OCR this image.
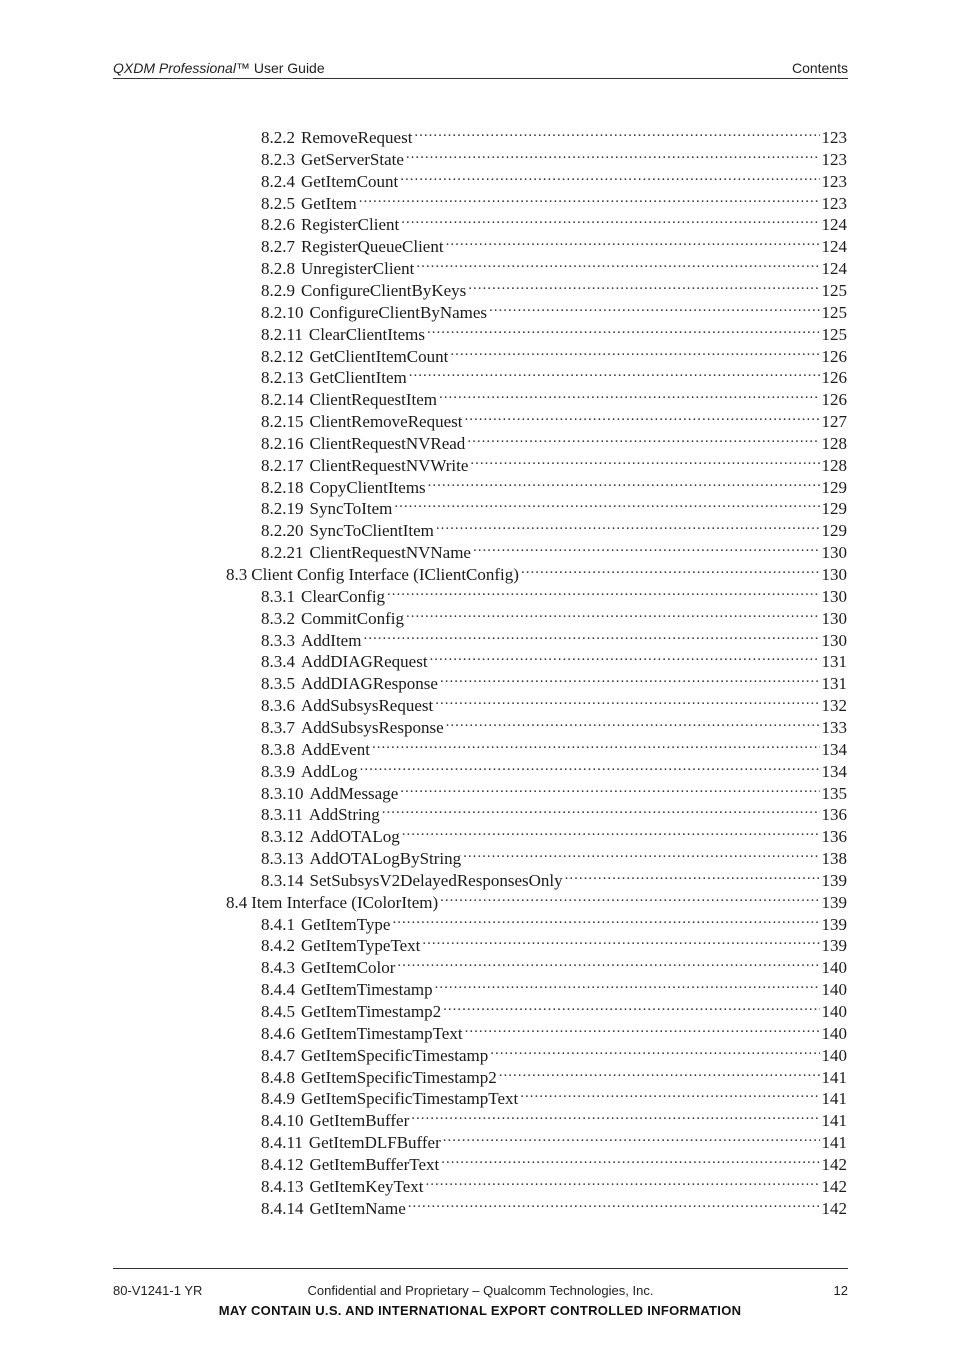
QXDM Professional™ User Guide	Contents
8.2.2 RemoveRequest .....	123
8.2.3 GetServerState .....	123
8.2.4 GetItemCount .....	123
8.2.5 GetItem .....	123
8.2.6 RegisterClient .....	124
8.2.7 RegisterQueueClient .....	124
8.2.8 UnregisterClient .....	124
8.2.9 ConfigureClientByKeys .....	125
8.2.10 ConfigureClientByNames .....	125
8.2.11 ClearClientItems .....	125
8.2.12 GetClientItemCount .....	126
8.2.13 GetClientItem .....	126
8.2.14 ClientRequestItem .....	126
8.2.15 ClientRemoveRequest .....	127
8.2.16 ClientRequestNVRead .....	128
8.2.17 ClientRequestNVWrite .....	128
8.2.18 CopyClientItems .....	129
8.2.19 SyncToItem .....	129
8.2.20 SyncToClientItem .....	129
8.2.21 ClientRequestNVName .....	130
8.3 Client Config Interface (IClientConfig) .....	130
8.3.1 ClearConfig .....	130
8.3.2 CommitConfig .....	130
8.3.3 AddItem .....	130
8.3.4 AddDIAGRequest .....	131
8.3.5 AddDIAGResponse .....	131
8.3.6 AddSubsysRequest .....	132
8.3.7 AddSubsysResponse .....	133
8.3.8 AddEvent .....	134
8.3.9 AddLog .....	134
8.3.10 AddMessage .....	135
8.3.11 AddString .....	136
8.3.12 AddOTALog .....	136
8.3.13 AddOTALogByString .....	138
8.3.14 SetSubsysV2DelayedResponsesOnly .....	139
8.4 Item Interface (IColorItem) .....	139
8.4.1 GetItemType .....	139
8.4.2 GetItemTypeText .....	139
8.4.3 GetItemColor .....	140
8.4.4 GetItemTimestamp .....	140
8.4.5 GetItemTimestamp2 .....	140
8.4.6 GetItemTimestampText .....	140
8.4.7 GetItemSpecificTimestamp .....	140
8.4.8 GetItemSpecificTimestamp2 .....	141
8.4.9 GetItemSpecificTimestampText .....	141
8.4.10 GetItemBuffer .....	141
8.4.11 GetItemDLFBuffer .....	141
8.4.12 GetItemBufferText .....	142
8.4.13 GetItemKeyText .....	142
8.4.14 GetItemName .....	142
80-V1241-1 YR	Confidential and Proprietary – Qualcomm Technologies, Inc.	12
MAY CONTAIN U.S. AND INTERNATIONAL EXPORT CONTROLLED INFORMATION
